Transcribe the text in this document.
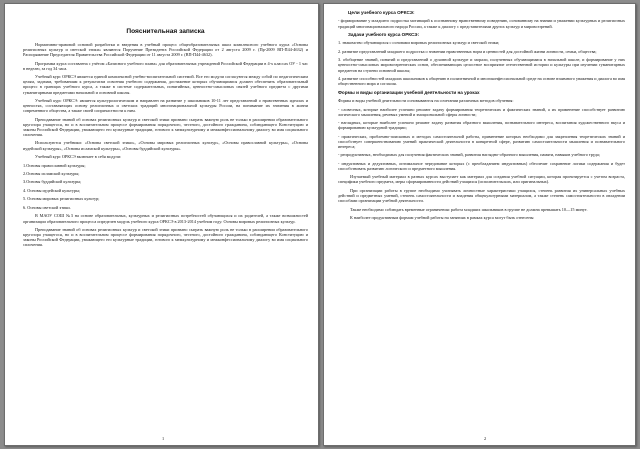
Пояснительная записка
Нормативно-правовой основой разработки и введения в учебный процесс общеобразовательных школ комплексного учебного курса «Основы религиозных культур и светской этики» являются Поручение Президента Российской Федерации от 2 августа 2009 г. (Пр-2009 ВП-П44-4632) и Распоряжение Председателя Правительства Российской Федерации от 11 августа 2009 г. (ВП-П44-4632).
Программа курса составлена с учётом «Базисного учебного плана» для образовательных учреждений Российской Федерации в 4-х классах ОУ - 1 час в неделю, за год 34 часа.
Учебный курс ОРКСЭ является единой комплексной учебно-воспитательной системой. Все его модули согласуются между собой по педагогическим целям, задачам, требованиям к результатам освоения учебного содержания, достижение которых обучающимися должен обеспечить образовательный процесс в границах учебного курса, а также в системе содержательных, понятийных, ценностно-смысловых связей учебного предмета с другими гуманитарными предметами начальной и основной школы.
Учебный курс ОРКСЭ: является культурологическим и направлен на развитие у школьников 10-11 лет представлений о нравственных идеалах и ценностях, составляющих основу религиозных и светских традиций многонациональной культуры России, на понимание их значения в жизни современного общества, а также своей сопричастности к ним.
Преподавание знаний об основах религиозных культур и светской этики призвано сыграть важную роль не только в расширении образовательного кругозора учащегося, но и в воспитательном процессе формирования порядочного, честного, достойного гражданина, соблюдающего Конституцию и законы Российской Федерации, уважающего его культурные традиции, готового к межкультурному и межконфессиональному диалогу во имя социального сплочения.
Используются учебники: «Основы светской этики», «Основы мировых религиозных культур», «Основы православной культуры», «Основы иудейской культуры», «Основы исламской культуры», «Основы буддийской культуры».
Учебный курс ОРКСЭ включает в себя модули:
1.Основы православной культуры;
2.Основы исламской культуры;
3.Основы буддийской культуры;
4. Основы иудейской культуры;
5. Основы мировых религиозных культур;
6. Основы светской этики.
В МАОУ СОШ №3 на основе образовательных, культурных и религиозных потребностей обучающихся и их родителей, а также возможностей организации образовательного процесса определен модуль учебного курса ОРКСЭ в 2013-2014 учебном году: Основы мировых религиозных культур.
Преподавание знаний об основах религиозных культур и светской этики призвано сыграть важную роль не только в расширении образовательного кругозора учащегося, но и в воспитательном процессе формирования порядочного, честного, достойного гражданина, соблюдающего Конституцию и законы Российской Федерации, уважающего его культурные традиции, готового к межкультурному и межконфессиональному диалогу во имя социального сплочения.
1
Цели учебного курса ОРКСЭ:
- формирование у младшего подростка мотиваций к осознанному нравственному поведению, основанному на знании и уважении культурных и религиозных традиций многонационального народа России, а также к диалогу с представителями других культур и мировоззрений.
Задачи учебного курса ОРКСЭ:
1. знакомство обучающихся с основами мировых религиозных культур и светской этики;
2. развитие представлений младшего подростка о значении нравственных норм и ценностей для достойной жизни личности, семьи, общества;
3. обобщение знаний, понятий и представлений о духовной культуре и морали, полученных обучающимися в начальной школе, и формирование у них ценностно-смысловых мировоззренческих основ, обеспечивающих целостное восприятие отечественной истории и культуры при изучении гуманитарных предметов на ступени основной школы;
4. развитие способностей младших школьников к общению в полиэтничной и многоконфессиональной среде на основе взаимного уважения и диалога во имя общественного мира и согласия.
Формы и виды организации учебной деятельности на уроках
Формы и виды учебной деятельности основываются на сочетании различных методов обучения:
- словесных, которые наиболее успешно решают задачу формирования теоретических и фактических знаний, а их применение способствует развитию логического мышления, речевых умений и эмоциональной сферы личности;
- наглядных, которые наиболее успешно решают задачу развития образного мышления, познавательного интереса, воспитания художественного вкуса и формированию культурной традиции;
- практических, проблемно-поисковых и методах самостоятельной работы, применение которых необходимо для закрепления теоретических знаний и способствует совершенствованию умений практической деятельности в конкретной сфере, развитию самостоятельности мышления и познавательного интереса;
- репродуктивных, необходимых для получения фактических знаний, развития наглядно-образного мышления, памяти, навыков учебного труда;
- индуктивных и дедуктивных, оптимальное чередование которых (с преобладанием индуктивных) обеспечит сохранение логики содержания и будет способствовать развитию логического и предметного мышления.
Изучаемый учебный материал в разных курсах выступает как материал для создания учебной ситуации, которая проектируется с учетом возраста, специфики учебного предмета, меры сформированности действий учащихся (исполнительских, или оригинальных).
При организации работы в группе необходимо учитывать личностные характеристики учащихся, степень развития их универсальных учебных действий и предметных умений, степень самостоятельности и владения общекультурными материалом, а также степень самостоятельности в овладении способами организации учебной деятельности.
Также необходимо соблюдать временные ограничения: работа младших школьников в группе не должна превышать 10—15 минут.
К наиболее продуктивным формам учебной работы на занятиях в рамках курса могут быть отнесены
2
